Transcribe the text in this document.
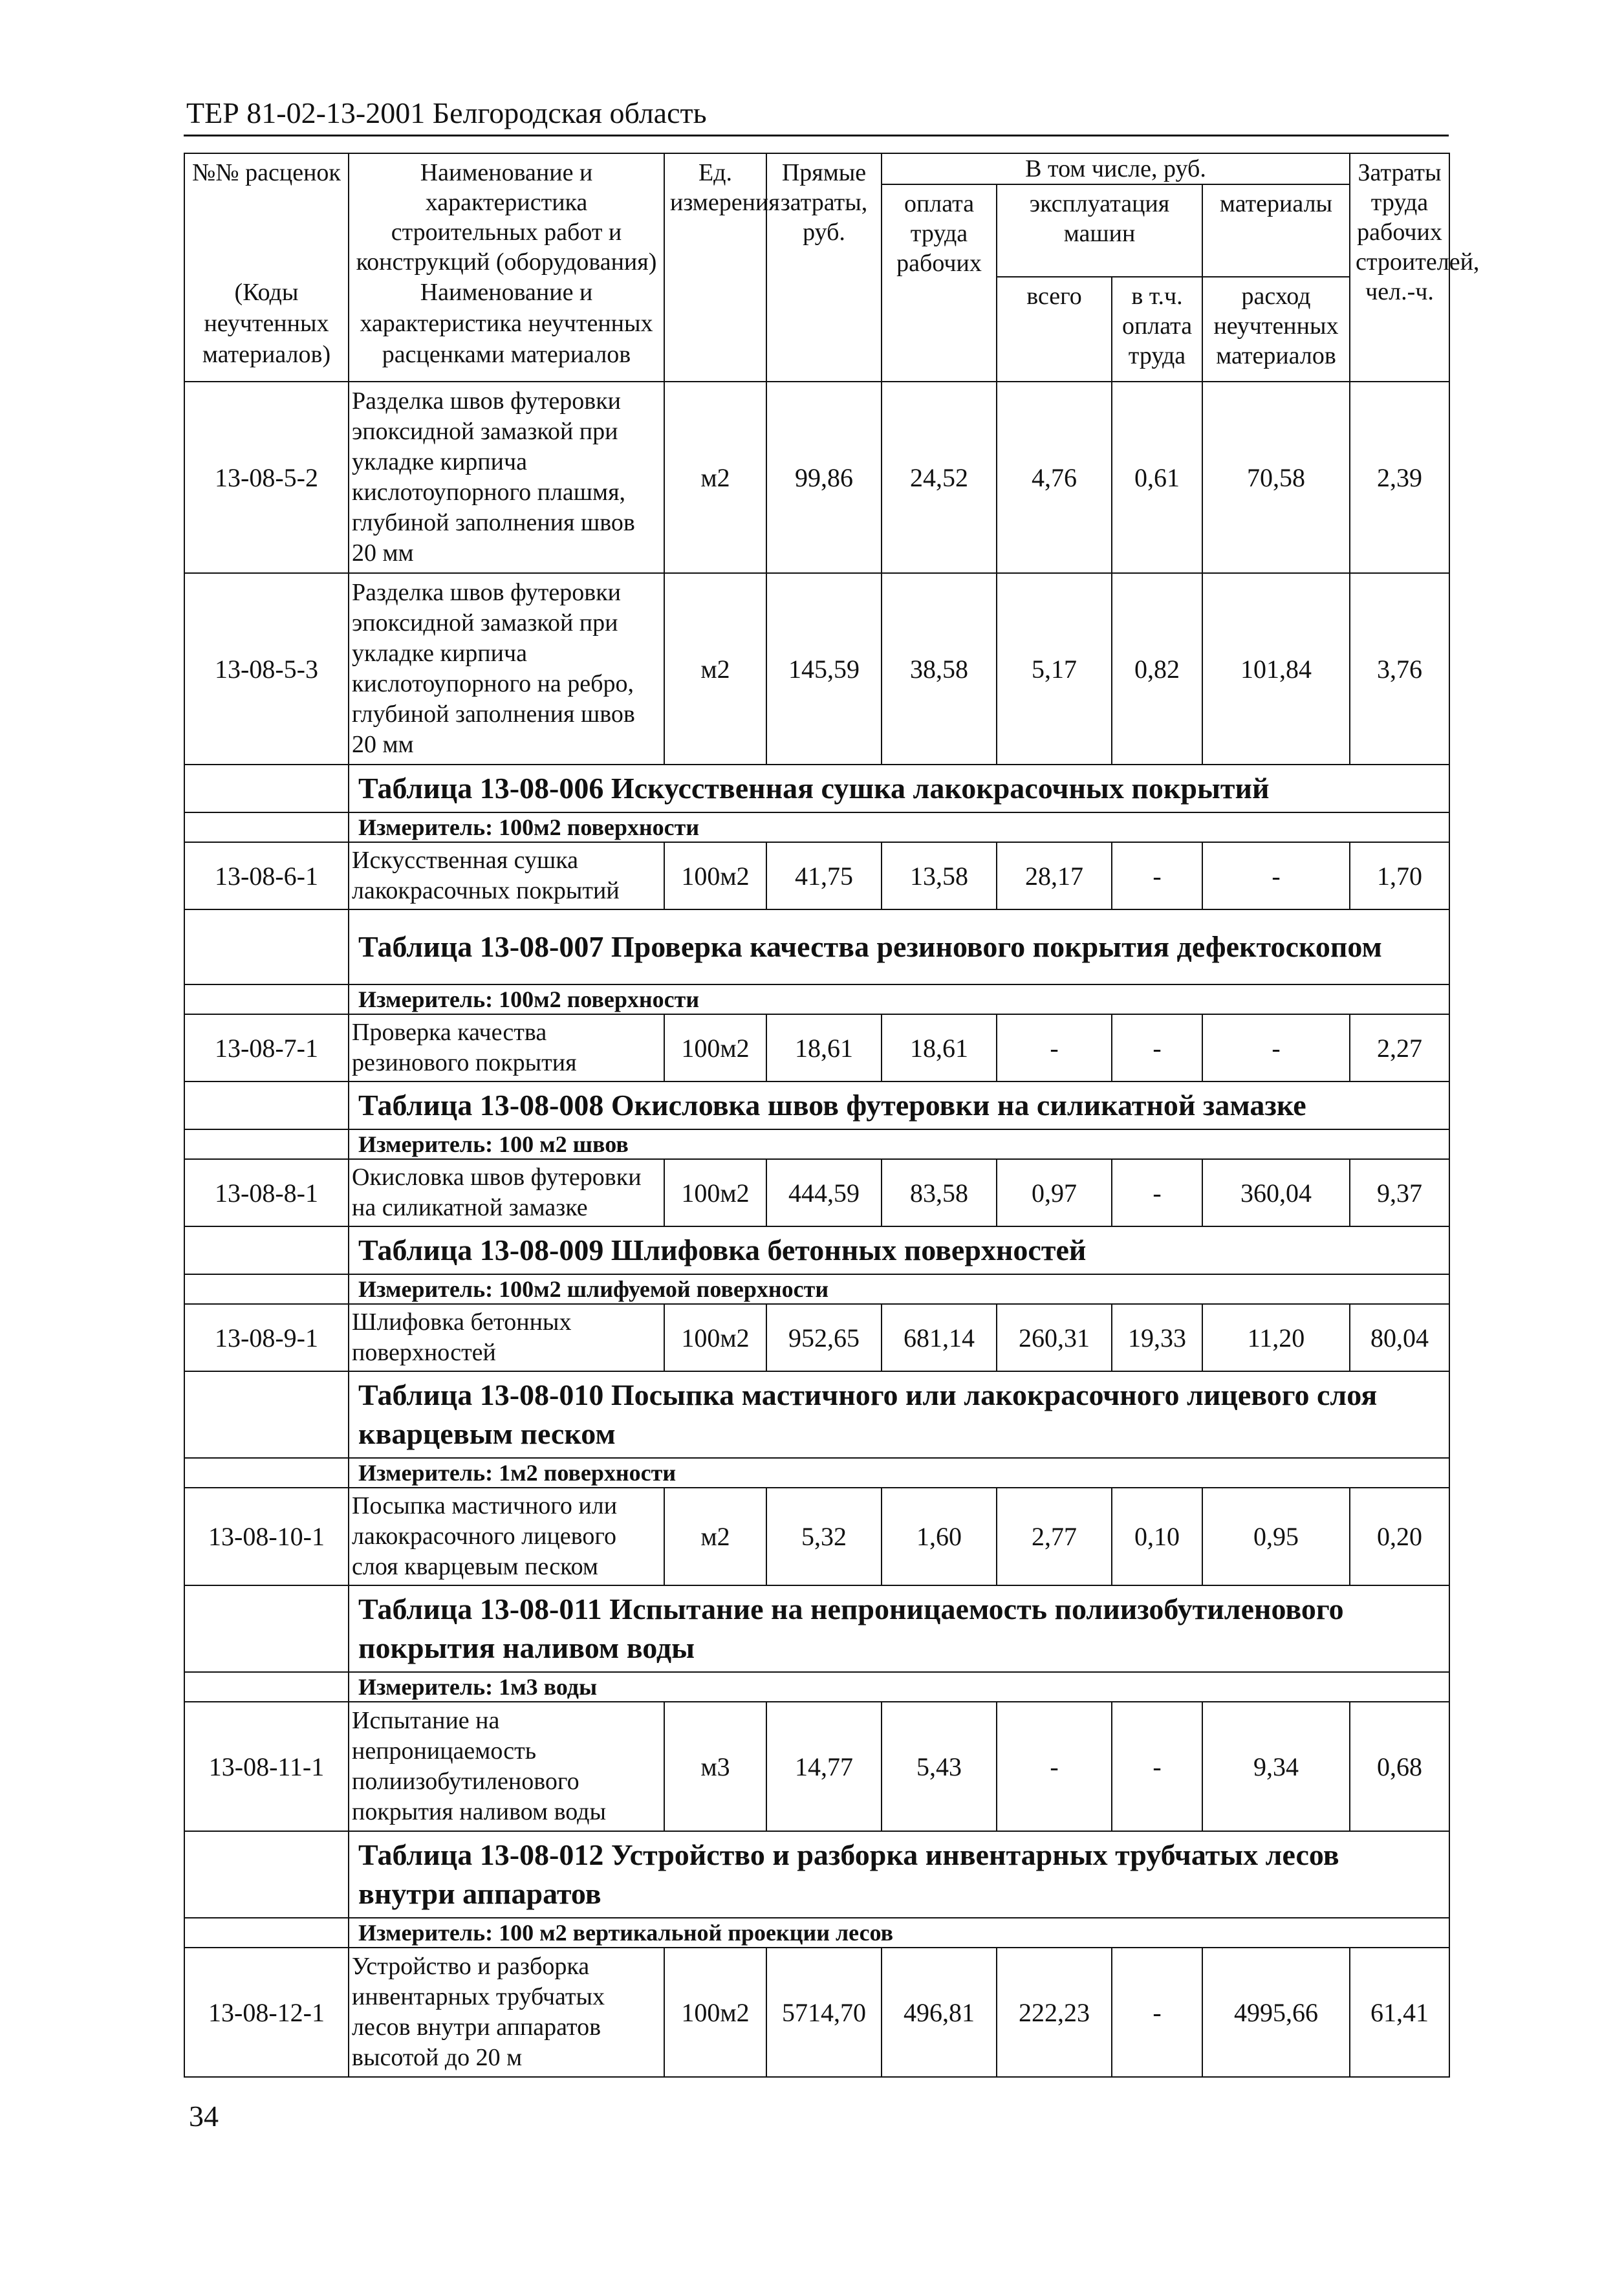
ТЕР 81-02-13-2001 Белгородская область
№№ расценок	Наименование и характеристика строительных работ и конструкций (оборудования)	Ед. измерения	Прямые затраты, руб.	В том числе, руб.				Затраты труда рабочих строителей, чел.-ч.
				оплата труда рабочих	эксплуатация машин		материалы	
(Коды неучтенных материалов)	Наименование и характеристика неучтенных расценками материалов				всего	в т.ч. оплата труда	расход неучтенных материалов	
13-08-5-2	Разделка швов футеровки эпоксидной замазкой при укладке кирпича кислотоупорного плашмя, глубиной заполнения швов 20 мм	м2	99,86	24,52	4,76	0,61	70,58	2,39
13-08-5-3	Разделка швов футеровки эпоксидной замазкой при укладке кирпича кислотоупорного на ребро, глубиной заполнения швов 20 мм	м2	145,59	38,58	5,17	0,82	101,84	3,76
	Таблица 13-08-006 Искусственная сушка лакокрасочных покрытий							
	Измеритель: 100м2 поверхности							
13-08-6-1	Искусственная сушка лакокрасочных покрытий	100м2	41,75	13,58	28,17	-	-	1,70
	Таблица 13-08-007 Проверка качества резинового покрытия дефектоскопом							
	Измеритель: 100м2 поверхности							
13-08-7-1	Проверка качества резинового покрытия	100м2	18,61	18,61	-	-	-	2,27
	Таблица 13-08-008 Окисловка швов футеровки на силикатной замазке							
	Измеритель: 100 м2 швов							
13-08-8-1	Окисловка швов футеровки на силикатной замазке	100м2	444,59	83,58	0,97	-	360,04	9,37
	Таблица 13-08-009 Шлифовка бетонных поверхностей							
	Измеритель: 100м2 шлифуемой поверхности							
13-08-9-1	Шлифовка бетонных поверхностей	100м2	952,65	681,14	260,31	19,33	11,20	80,04
	Таблица 13-08-010 Посыпка мастичного или лакокрасочного лицевого слоя кварцевым песком							
	Измеритель: 1м2 поверхности							
13-08-10-1	Посыпка мастичного или лакокрасочного лицевого слоя кварцевым песком	м2	5,32	1,60	2,77	0,10	0,95	0,20
	Таблица 13-08-011 Испытание на непроницаемость полиизобутиленового покрытия наливом воды							
	Измеритель: 1м3 воды							
13-08-11-1	Испытание на непроницаемость полиизобутиленового покрытия наливом воды	м3	14,77	5,43	-	-	9,34	0,68
	Таблица 13-08-012 Устройство и разборка инвентарных трубчатых лесов внутри аппаратов							
	Измеритель: 100 м2 вертикальной проекции лесов							
13-08-12-1	Устройство и разборка инвентарных трубчатых лесов внутри аппаратов высотой до 20 м	100м2	5714,70	496,81	222,23	-	4995,66	61,41
34
